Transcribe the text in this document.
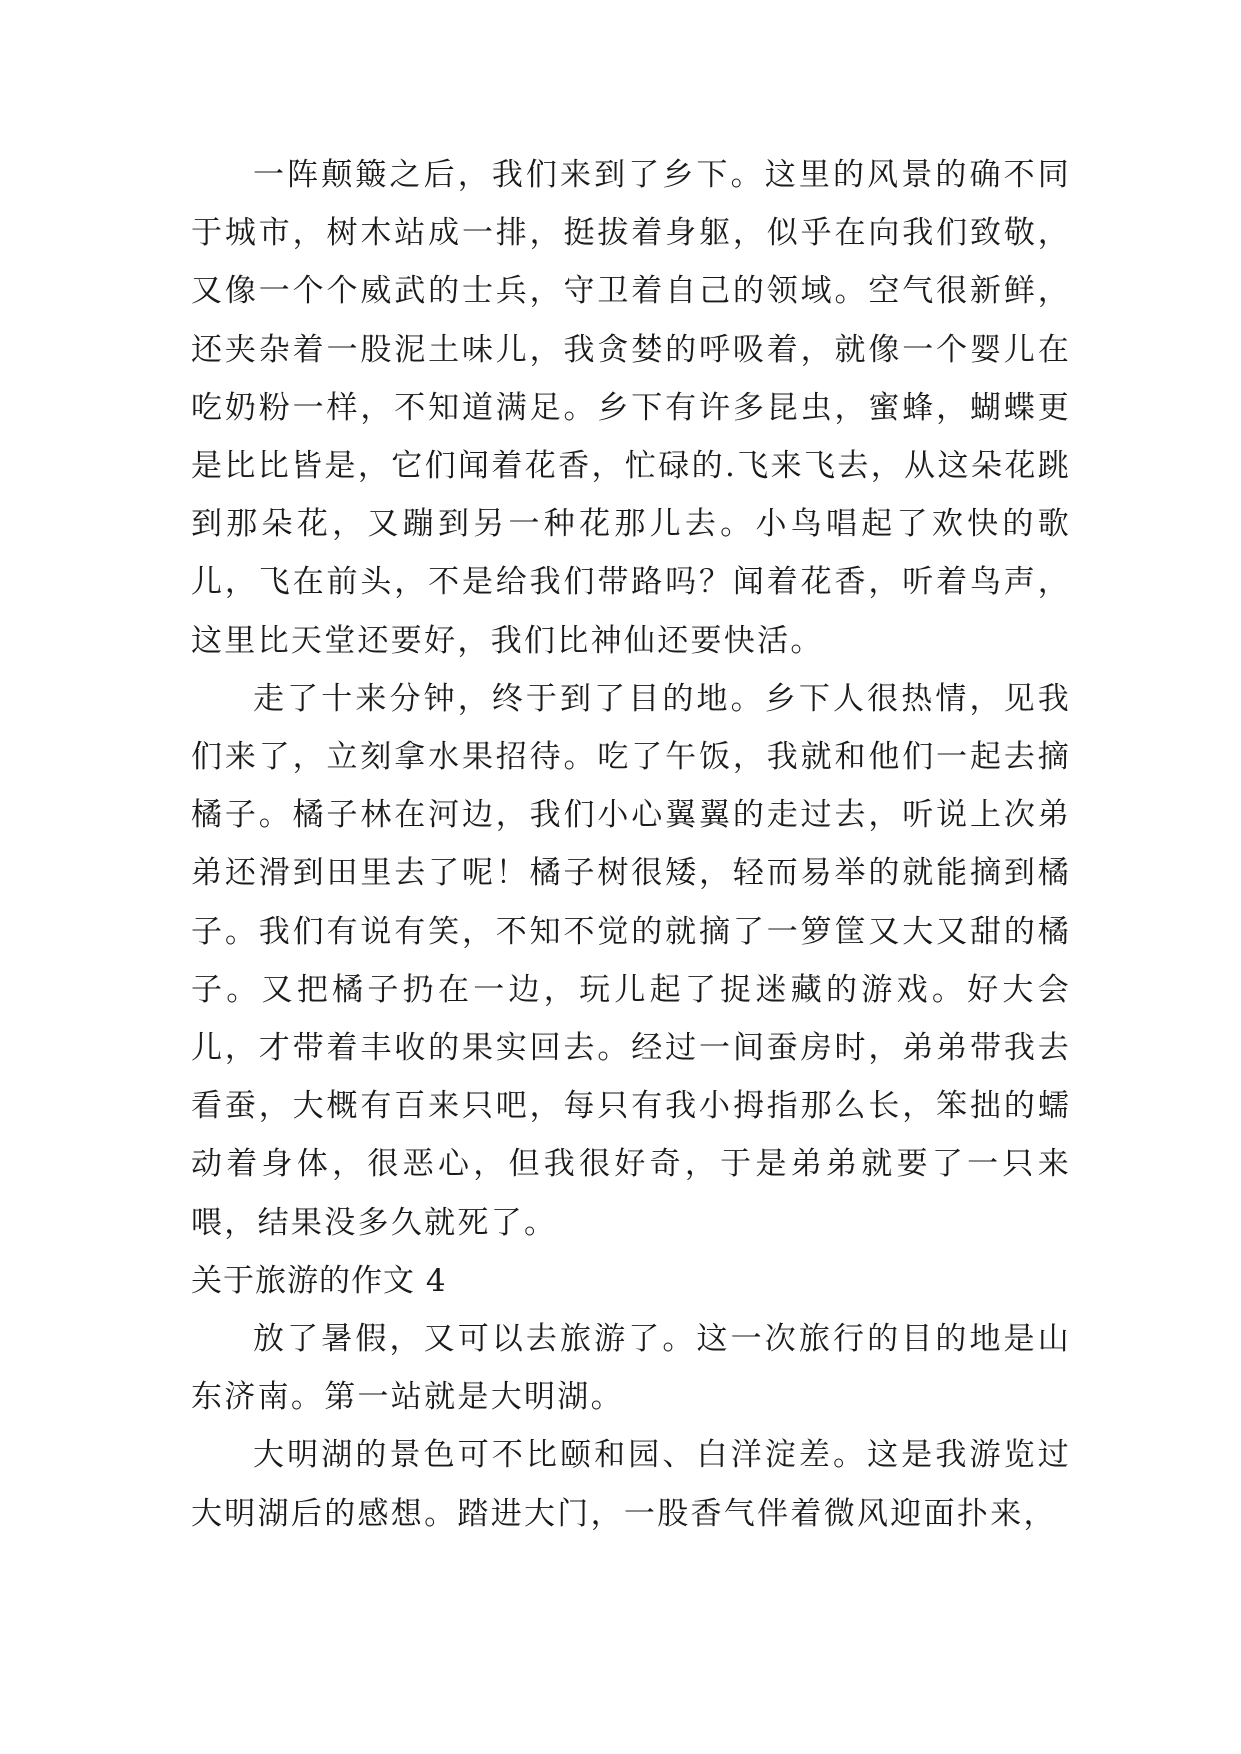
一阵颠簸之后，我们来到了乡下。这里的风景的确不同于城市，树木站成一排，挺拔着身躯，似乎在向我们致敬，又像一个个威武的士兵，守卫着自己的领域。空气很新鲜，还夹杂着一股泥土味儿，我贪婪的呼吸着，就像一个婴儿在吃奶粉一样，不知道满足。乡下有许多昆虫，蜜蜂，蝴蝶更是比比皆是，它们闻着花香，忙碌的.飞来飞去，从这朵花跳到那朵花，又蹦到另一种花那儿去。小鸟唱起了欢快的歌儿，飞在前头，不是给我们带路吗？闻着花香，听着鸟声，这里比天堂还要好，我们比神仙还要快活。

走了十来分钟，终于到了目的地。乡下人很热情，见我们来了，立刻拿水果招待。吃了午饭，我就和他们一起去摘橘子。橘子林在河边，我们小心翼翼的走过去，听说上次弟弟还滑到田里去了呢！橘子树很矮，轻而易举的就能摘到橘子。我们有说有笑，不知不觉的就摘了一箩筐又大又甜的橘子。又把橘子扔在一边，玩儿起了捉迷藏的游戏。好大会儿，才带着丰收的果实回去。经过一间蚕房时，弟弟带我去看蚕，大概有百来只吧，每只有我小拇指那么长，笨拙的蠕动着身体，很恶心，但我很好奇，于是弟弟就要了一只来喂，结果没多久就死了。

关于旅游的作文 4

放了暑假，又可以去旅游了。这一次旅行的目的地是山东济南。第一站就是大明湖。

大明湖的景色可不比颐和园、白洋淀差。这是我游览过大明湖后的感想。踏进大门，一股香气伴着微风迎面扑来，
